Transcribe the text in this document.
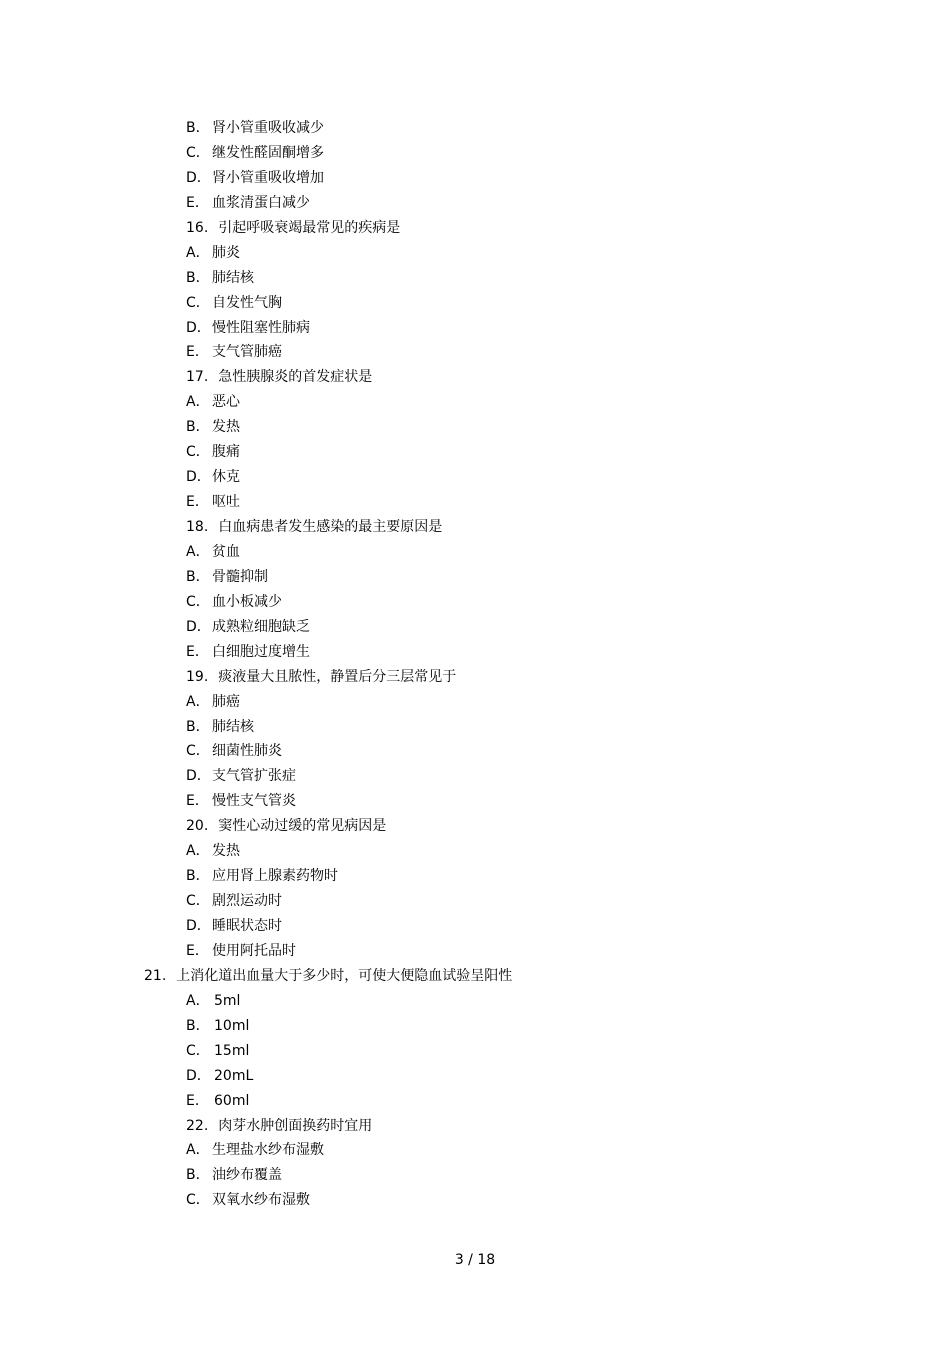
B． 肾小管重吸收减少
C． 继发性醛固酮增多
D．肾小管重吸收增加
E． 血浆清蛋白减少
16. 引起呼吸衰竭最常见的疾病是
A． 肺炎
B． 肺结核
C． 自发性气胸
D．慢性阻塞性肺病
E． 支气管肺癌
17. 急性胰腺炎的首发症状是
A． 恶心
B． 发热
C． 腹痛
D．休克
E． 呕吐
18. 白血病患者发生感染的最主要原因是
A． 贫血
B． 骨髓抑制
C． 血小板减少
D．成熟粒细胞缺乏
E． 白细胞过度增生
19. 痰液量大且脓性，静置后分三层常见于
A． 肺癌
B． 肺结核
C． 细菌性肺炎
D．支气管扩张症
E． 慢性支气管炎
20. 窦性心动过缓的常见病因是
A． 发热
B． 应用肾上腺素药物时
C． 剧烈运动时
D．睡眠状态时
E． 使用阿托品时
21. 上消化道出血量大于多少时，可使大便隐血试验呈阳性
A． 5ml
B． 10ml
C． 15ml
D． 20mL
E． 60ml
22. 肉芽水肿创面换药时宜用
A． 生理盐水纱布湿敷
B． 油纱布覆盖
C． 双氧水纱布湿敷
3 / 18
